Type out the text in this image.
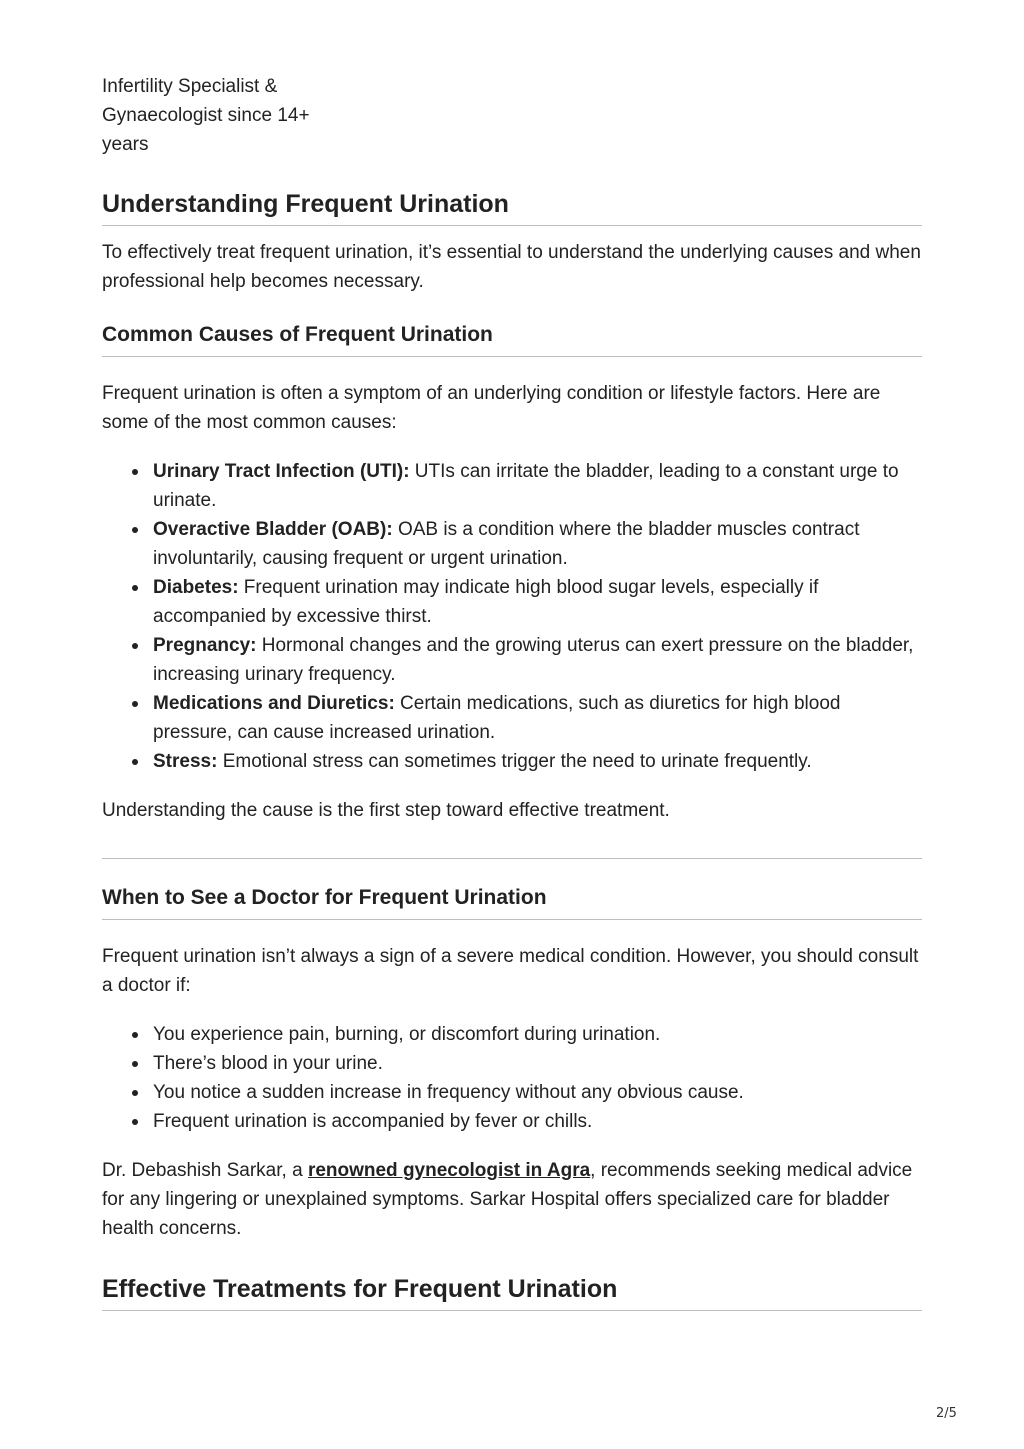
Infertility Specialist &
Gynaecologist since 14+
years
Understanding Frequent Urination

To effectively treat frequent urination, it’s essential to understand the underlying causes and when professional help becomes necessary.

Common Causes of Frequent Urination

Frequent urination is often a symptom of an underlying condition or lifestyle factors. Here are some of the most common causes:

Urinary Tract Infection (UTI): UTIs can irritate the bladder, leading to a constant urge to urinate.
Overactive Bladder (OAB): OAB is a condition where the bladder muscles contract involuntarily, causing frequent or urgent urination.
Diabetes: Frequent urination may indicate high blood sugar levels, especially if accompanied by excessive thirst.
Pregnancy: Hormonal changes and the growing uterus can exert pressure on the bladder, increasing urinary frequency.
Medications and Diuretics: Certain medications, such as diuretics for high blood pressure, can cause increased urination.
Stress: Emotional stress can sometimes trigger the need to urinate frequently.

Understanding the cause is the first step toward effective treatment.

When to See a Doctor for Frequent Urination

Frequent urination isn’t always a sign of a severe medical condition. However, you should consult a doctor if:

You experience pain, burning, or discomfort during urination.
There’s blood in your urine.
You notice a sudden increase in frequency without any obvious cause.
Frequent urination is accompanied by fever or chills.

Dr. Debashish Sarkar, a renowned gynecologist in Agra, recommends seeking medical advice for any lingering or unexplained symptoms. Sarkar Hospital offers specialized care for bladder health concerns.

Effective Treatments for Frequent Urination
2/5
